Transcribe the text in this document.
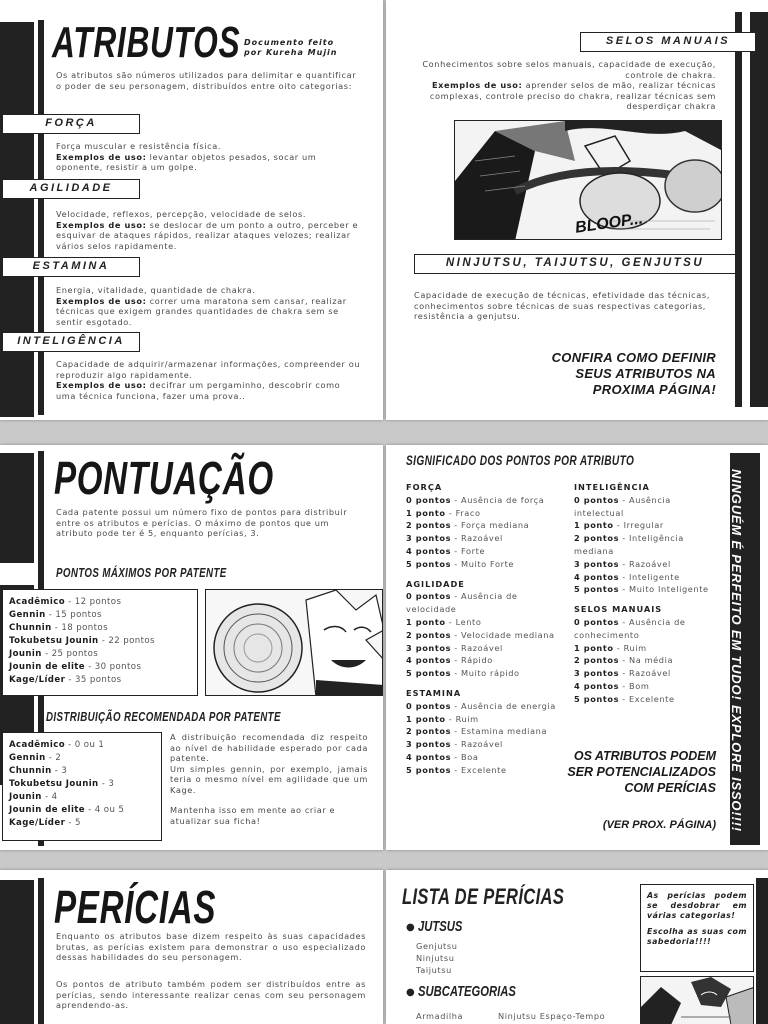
ATRIBUTOS Documento feito
por Kureha Mujin
Os atributos são números utilizados para delimitar e quantificar o poder de seu personagem, distribuídos entre oito categorias:
FORÇA
Força muscular e resistência física.
Exemplos de uso: levantar objetos pesados, socar um oponente, resistir a um golpe.
AGILIDADE
Velocidade, reflexos, percepção, velocidade de selos.
Exemplos de uso: se deslocar de um ponto a outro, perceber e esquivar de ataques rápidos, realizar ataques velozes; realizar vários selos rapidamente.
ESTAMINA
Energia, vitalidade, quantidade de chakra.
Exemplos de uso: correr uma maratona sem cansar, realizar técnicas que exigem grandes quantidades de chakra sem se sentir esgotado.
INTELIGÊNCIA
Capacidade de adquirir/armazenar informações, compreender ou reproduzir algo rapidamente.
Exemplos de uso: decifrar um pergaminho, descobrir como uma técnica funciona, fazer uma prova..
SELOS MANUAIS
Conhecimentos sobre selos manuais, capacidade de execução, controle de chakra.
Exemplos de uso: aprender selos de mão, realizar técnicas complexas, controle preciso do chakra, realizar técnicas sem desperdiçar chakra
BLOOP...
NINJUTSU, TAIJUTSU, GENJUTSU
Capacidade de execução de técnicas, efetividade das técnicas, conhecimentos sobre técnicas de suas respectivas categorias, resistência a genjutsu.
CONFIRA COMO DEFINIR
SEUS ATRIBUTOS NA
PROXIMA PÁGINA!
PONTUAÇÃO
Cada patente possui um número fixo de pontos para distribuir entre os atributos e perícias. O máximo de pontos que um atributo pode ter é 5, enquanto perícias, 3.
PONTOS MÁXIMOS POR PATENTE
Acadêmico - 12 pontos
Gennin - 15 pontos
Chunnin - 18 pontos
Tokubetsu Jounin - 22 pontos
Jounin - 25 pontos
Jounin de elite - 30 pontos
Kage/Líder - 35 pontos
DISTRIBUIÇÃO RECOMENDADA POR PATENTE
Acadêmico - 0 ou 1
Gennin - 2
Chunnin - 3
Tokubetsu Jounin - 3
Jounin - 4
Jounin de elite - 4 ou 5
Kage/Líder - 5
A distribuição recomendada diz respeito ao nível de habilidade esperado por cada patente.
Um simples gennin, por exemplo, jamais teria o mesmo nível em agilidade que um Kage.
Mantenha isso em mente ao criar e atualizar sua ficha!
SIGNIFICADO DOS PONTOS POR ATRIBUTO
NINGUÉM É PERFEITO EM TUDO! EXPLORE ISSO!!!!
FORÇA
0 pontos - Ausência de força
1 ponto - Fraco
2 pontos - Força mediana
3 pontos - Razoável
4 pontos - Forte
5 pontos - Muito Forte
AGILIDADE
0 pontos - Ausência de velocidade
1 ponto - Lento
2 pontos - Velocidade mediana
3 pontos - Razoável
4 pontos - Rápido
5 pontos - Muito rápido
ESTAMINA
0 pontos - Ausência de energia
1 ponto - Ruim
2 pontos - Estamina mediana
3 pontos - Razoável
4 pontos - Boa
5 pontos - Excelente
INTELIGÊNCIA
0 pontos - Ausência intelectual
1 ponto - Irregular
2 pontos - Inteligência mediana
3 pontos - Razoável
4 pontos - Inteligente
5 pontos - Muito Inteligente
SELOS MANUAIS
0 pontos - Ausência de conhecimento
1 ponto - Ruim
2 pontos - Na média
3 pontos - Razoável
4 pontos - Bom
5 pontos - Excelente
OS ATRIBUTOS PODEM
SER POTENCIALIZADOS
COM PERÍCIAS
(VER PROX. PÁGINA)
PERÍCIAS
Enquanto os atributos base dizem respeito às suas capacidades brutas, as perícias existem para demonstrar o uso especializado dessas habilidades do seu personagem.
Os pontos de atributo também podem ser distribuídos entre as perícias, sendo interessante realizar cenas com seu personagem aprendendo-as.
LISTA DE PERÍCIAS
● JUTSUS
Genjutsu
Ninjutsu
Taijutsu
● SUBCATEGORIAS
Armadilha	Ninjutsu Espaço-Tempo
As perícias podem se desdobrar em várias categorias!
Escolha as suas com sabedoria!!!!
